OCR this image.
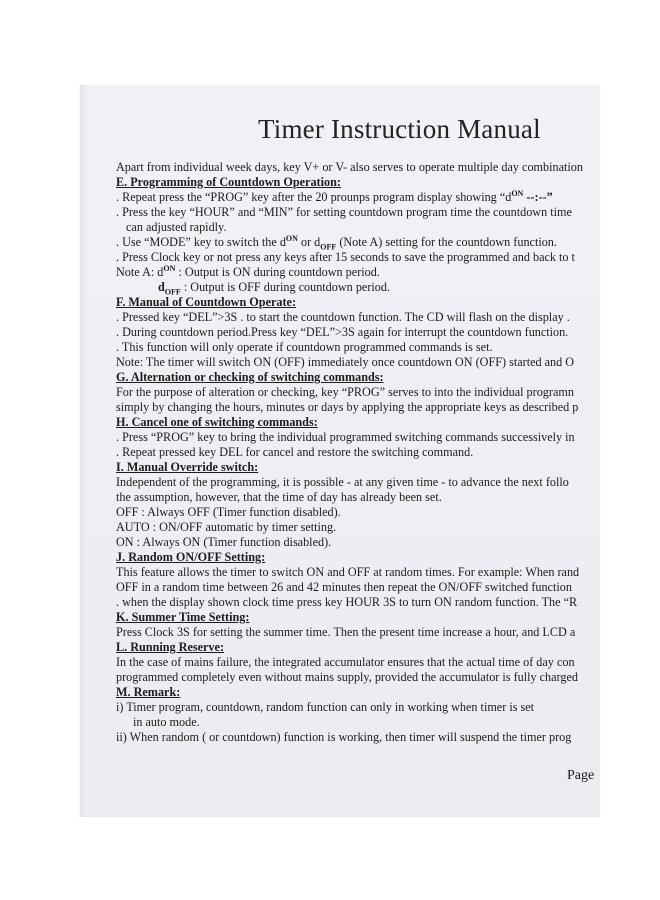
Timer Instruction Manual
Apart from individual week days, key V+ or V- also serves to operate multiple day combination
E. Programming of Countdown Operation:
. Repeat press the “PROG” key after the 20 prounps program display showing “$d^{ON}$ --:--”
. Press the key “HOUR” and “MIN” for setting countdown program time the countdown time
can adjusted rapidly.
. Use “MODE” key to switch the $d^{ON}$ or $d_{OFF}$ (Note A) setting for the countdown function.
. Press Clock key or not press any keys after 15 seconds to save the programmed and back to t
Note A: $d^{ON}$ : Output is ON during countdown period.
$d_{OFF}$ : Output is OFF during countdown period.
F. Manual of Countdown Operate:
. Pressed key “DEL”>3S . to start the countdown function. The CD will flash on the display .
. During countdown period.Press key “DEL”>3S again for interrupt the countdown function.
. This function will only operate if countdown programmed commands is set.
Note: The timer will switch ON (OFF) immediately once countdown ON (OFF) started and O
G. Alternation or checking of switching commands:
For the purpose of alteration or checking, key “PROG” serves to into the individual programn
simply by changing the hours, minutes or days by applying the appropriate keys as described p
H. Cancel one of switching commands:
. Press “PROG” key to bring the individual programmed switching commands successively in
. Repeat pressed key DEL for cancel and restore the switching command.
I. Manual Override switch:
Independent of the programming, it is possible - at any given time - to advance the next follo
the assumption, however, that the time of day has already been set.
OFF : Always OFF (Timer function disabled).
AUTO : ON/OFF automatic by timer setting.
ON : Always ON (Timer function disabled).
J. Random ON/OFF Setting:
This feature allows the timer to switch ON and OFF at random times. For example: When rand
OFF in a random time between 26 and 42 minutes then repeat the ON/OFF switched function
. when the display shown clock time press key HOUR 3S to turn ON random function. The “R
K. Summer Time Setting:
Press Clock 3S for setting the summer time. Then the present time increase a hour, and LCD a
L. Running Reserve:
In the case of mains failure, the integrated accumulator ensures that the actual time of day con
programmed completely even without mains supply, provided the accumulator is fully charged
M. Remark:
i) Timer program, countdown, random function can only in working when timer is set
in auto mode.
ii) When random ( or countdown) function is working, then timer will suspend the timer prog
Page
